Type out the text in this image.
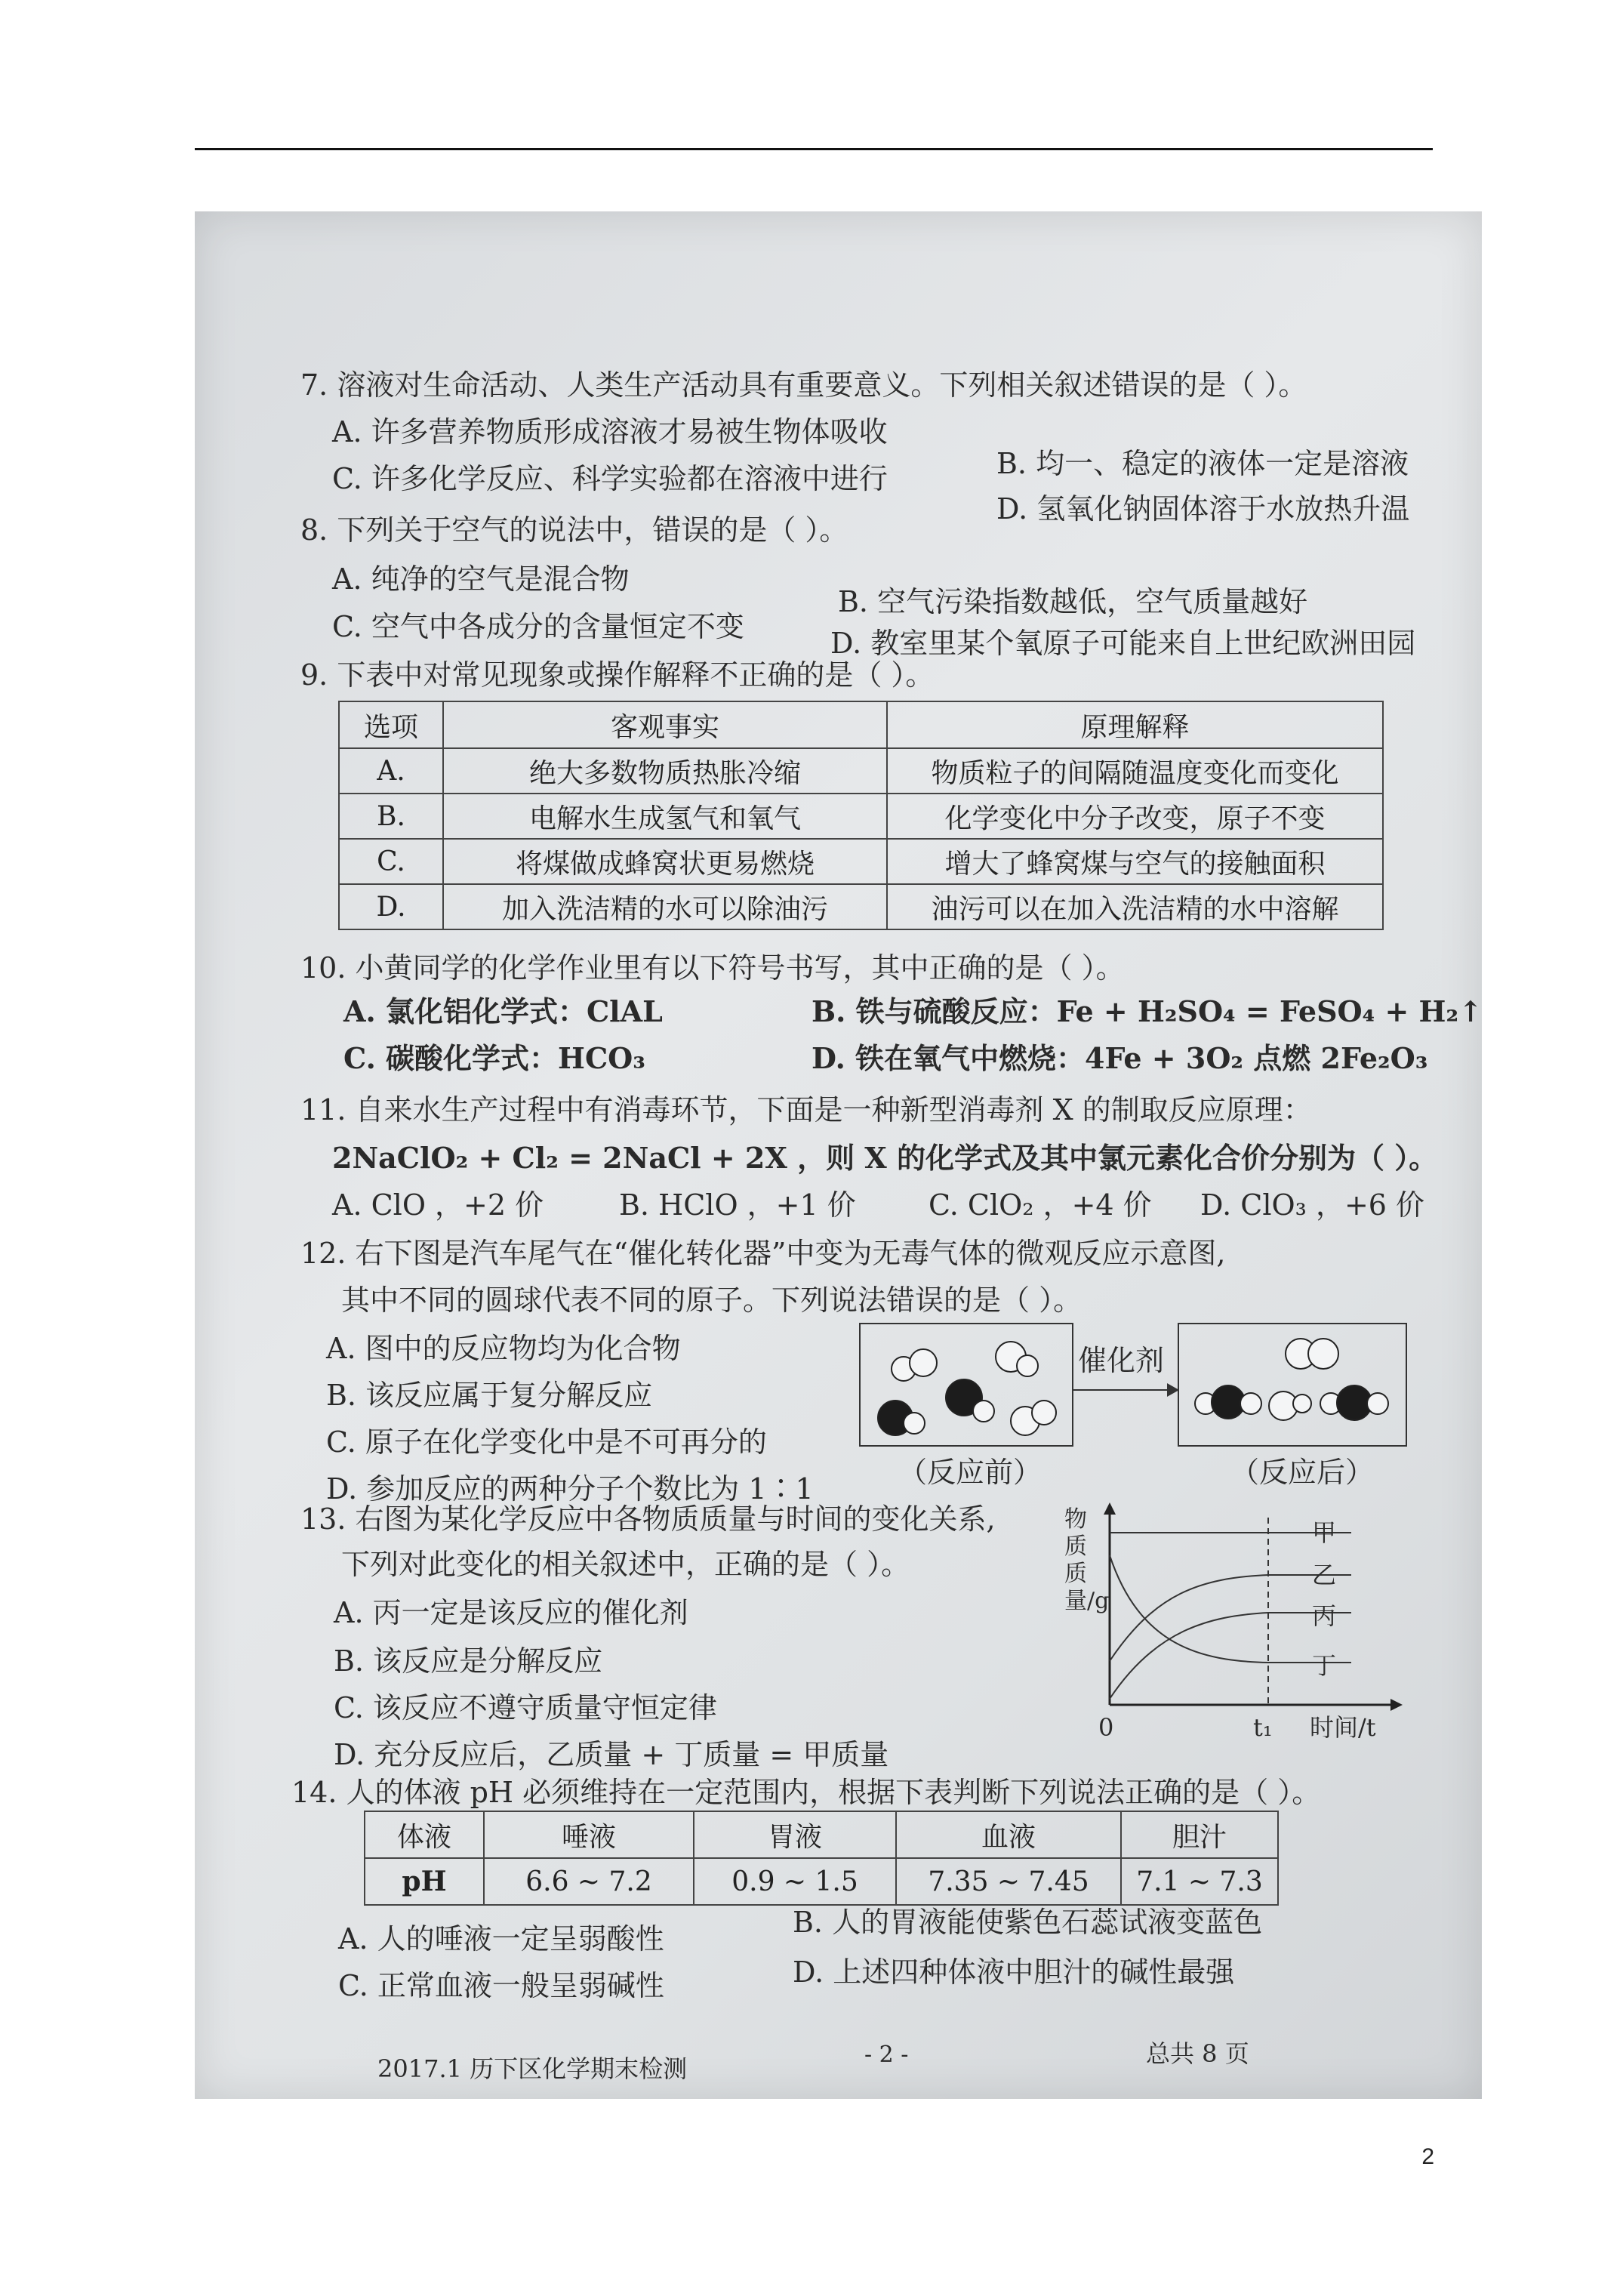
7. 溶液对生命活动、人类生产活动具有重要意义。下列相关叙述错误的是（ ）。
A. 许多营养物质形成溶液才易被生物体吸收
C. 许多化学反应、科学实验都在溶液中进行	B. 均一、稳定的液体一定是溶液
D. 氢氧化钠固体溶于水放热升温
8. 下列关于空气的说法中，错误的是（ ）。
A. 纯净的空气是混合物
B. 空气污染指数越低，空气质量越好
C. 空气中各成分的含量恒定不变	D. 教室里某个氧原子可能来自上世纪欧洲田园
9. 下表中对常见现象或操作解释不正确的是（ ）。
选项	客观事实	原理解释
A.	绝大多数物质热胀冷缩	物质粒子的间隔随温度变化而变化
B.	电解水生成氢气和氧气	化学变化中分子改变，原子不变
C.	将煤做成蜂窝状更易燃烧	增大了蜂窝煤与空气的接触面积
D.	加入洗洁精的水可以除油污	油污可以在加入洗洁精的水中溶解
10. 小黄同学的化学作业里有以下符号书写，其中正确的是（ ）。
A. 氯化铝化学式：ClAL	B. 铁与硫酸反应：Fe + H₂SO₄ = FeSO₄ + H₂↑
C. 碳酸化学式：HCO₃	D. 铁在氧气中燃烧：4Fe + 3O₂ 点燃 2Fe₂O₃
11. 自来水生产过程中有消毒环节，下面是一种新型消毒剂 X 的制取反应原理：
2NaClO₂ + Cl₂ = 2NaCl + 2X ，则 X 的化学式及其中氯元素化合价分别为（ ）。
A. ClO ，+2 价	B. HClO ，+1 价	C. ClO₂ ，+4 价 D. ClO₃ ，+6 价
12. 右下图是汽车尾气在“催化转化器”中变为无毒气体的微观反应示意图,
其中不同的圆球代表不同的原子。下列说法错误的是（ ）。
A. 图中的反应物均为化合物
B. 该反应属于复分解反应
C. 原子在化学变化中是不可再分的
D. 参加反应的两种分子个数比为 1∶1
催化剂
（反应前）	（反应后）
13. 右图为某化学反应中各物质质量与时间的变化关系,
下列对此变化的相关叙述中，正确的是（ ）。
A. 丙一定是该反应的催化剂
B. 该反应是分解反应
C. 该反应不遵守质量守恒定律
D. 充分反应后，乙质量 + 丁质量 = 甲质量
物质质量/g
0	t₁ 时间/t
甲
乙
丙
丁
14. 人的体液 pH 必须维持在一定范围内，根据下表判断下列说法正确的是（ ）。
体液	唾液	胃液	血液	胆汁
pH	6.6 ~ 7.2	0.9 ~ 1.5	7.35 ~ 7.45	7.1 ~ 7.3
A. 人的唾液一定呈弱酸性	B. 人的胃液能使紫色石蕊试液变蓝色
C. 正常血液一般呈弱碱性	D. 上述四种体液中胆汁的碱性最强
2017.1 历下区化学期末检测	- 2 -	总共 8 页
2
